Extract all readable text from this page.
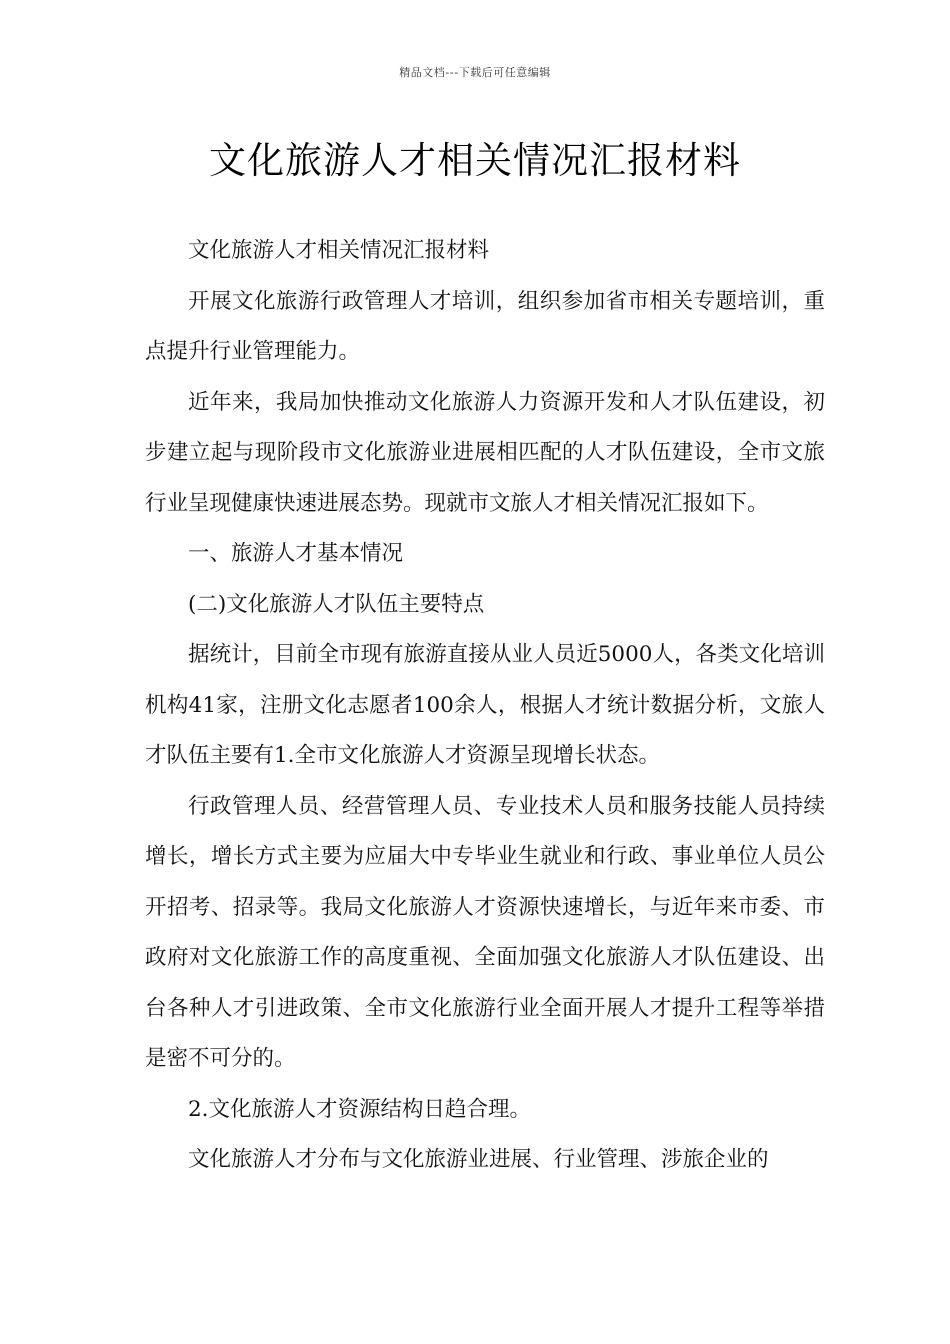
精品文档---下载后可任意编辑
文化旅游人才相关情况汇报材料

文化旅游人才相关情况汇报材料

开展文化旅游行政管理人才培训，组织参加省市相关专题培训，重点提升行业管理能力。

近年来，我局加快推动文化旅游人力资源开发和人才队伍建设，初步建立起与现阶段市文化旅游业进展相匹配的人才队伍建设，全市文旅行业呈现健康快速进展态势。现就市文旅人才相关情况汇报如下。

一、旅游人才基本情况

(二)文化旅游人才队伍主要特点

据统计，目前全市现有旅游直接从业人员近5000人，各类文化培训机构41家，注册文化志愿者100余人，根据人才统计数据分析，文旅人才队伍主要有1.全市文化旅游人才资源呈现增长状态。

行政管理人员、经营管理人员、专业技术人员和服务技能人员持续增长，增长方式主要为应届大中专毕业生就业和行政、事业单位人员公开招考、招录等。我局文化旅游人才资源快速增长，与近年来市委、市政府对文化旅游工作的高度重视、全面加强文化旅游人才队伍建设、出台各种人才引进政策、全市文化旅游行业全面开展人才提升工程等举措是密不可分的。

2.文化旅游人才资源结构日趋合理。

文化旅游人才分布与文化旅游业进展、行业管理、涉旅企业的
